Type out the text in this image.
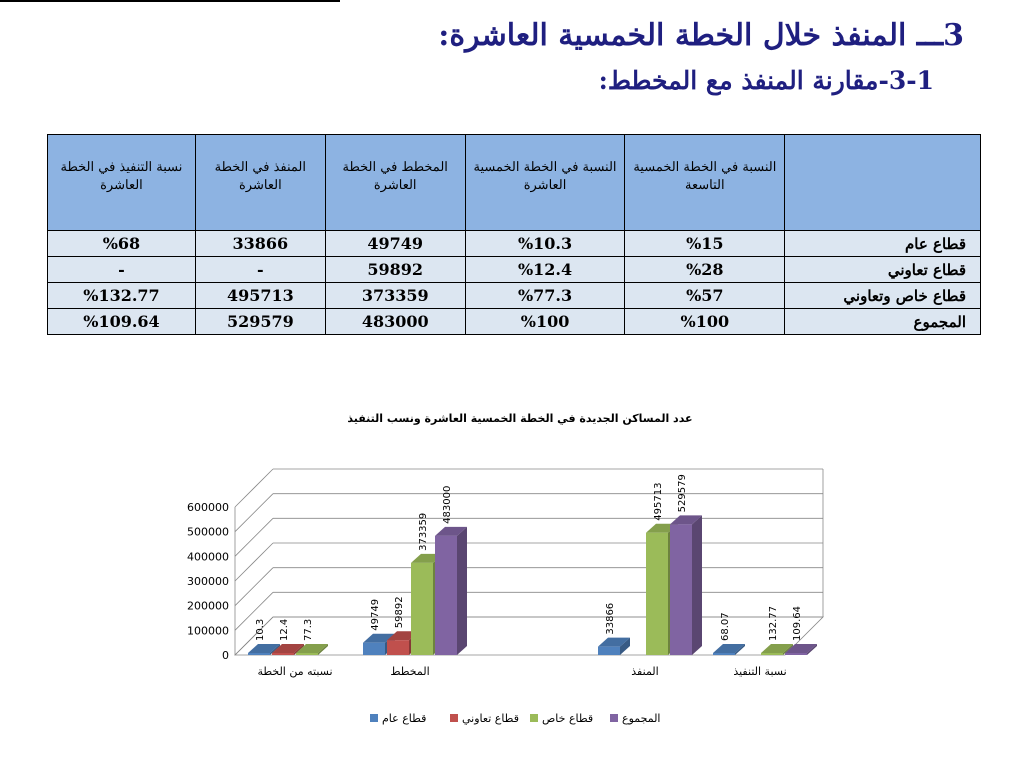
3ـــ المنفذ خلال الخطة الخمسية العاشرة:
3-1-مقارنة المنفذ مع المخطط:
	النسبة في الخطة الخمسية التاسعة	النسبة في الخطة الخمسية العاشرة	المخطط في الخطة العاشرة	المنفذ في الخطة العاشرة	نسبة التنفيذ في الخطة العاشرة
قطاع عام	%15	%10.3	49749	33866	%68
قطاع تعاوني	%28	%12.4	59892	-	-
قطاع خاص وتعاوني	%57	%77.3	373359	495713	%132.77
المجموع	%100	%100	483000	529579	%109.64
عدد المساكن الجديدة في الخطة الخمسية العاشرة ونسب التنفيذ
0
100000
200000
300000
400000
500000
600000
10.3 12.4 77.3
نسبته من الخطة
49749 59892
373359
483000
المخطط
33866
495713 529579
المنفذ
68.07	132.77 109.64
نسبة التنفيذ
قطاع عام	قطاع تعاوني قطاع خاص	المجموع
